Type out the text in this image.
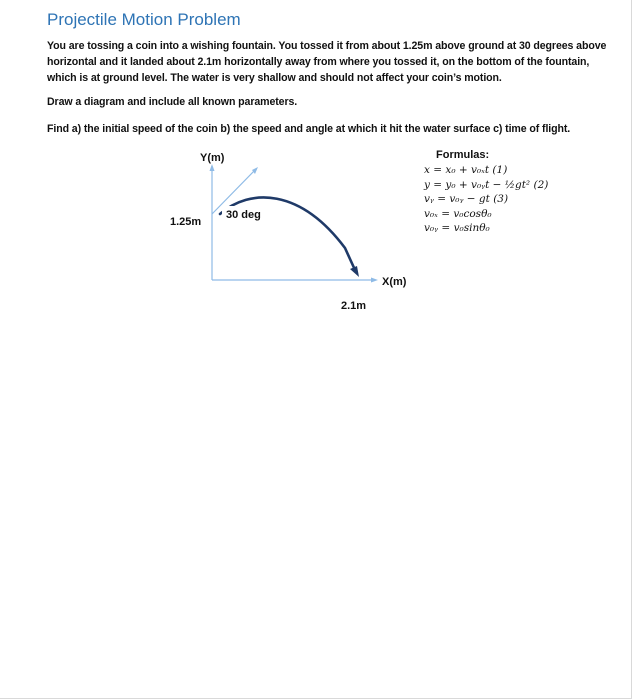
Projectile Motion Problem
You are tossing a coin into a wishing fountain. You tossed it from about 1.25m above ground at 30 degrees above horizontal and it landed about 2.1m horizontally away from where you tossed it, on the bottom of the fountain, which is at ground level. The water is very shallow and should not affect your coin’s motion.
Draw a diagram and include all known parameters.
Find a) the initial speed of the coin b) the speed and angle at which it hit the water surface c) time of flight.
Y(m)
X(m)
1.25m
30 deg
2.1m
Formulas:
x = x₀ + v₀ₓt (1)
y = y₀ + v₀ᵧt − ½gt² (2)
vᵧ = v₀ᵧ − gt (3)
v₀ₓ = v₀cosθ₀
v₀ᵧ = v₀sinθ₀
